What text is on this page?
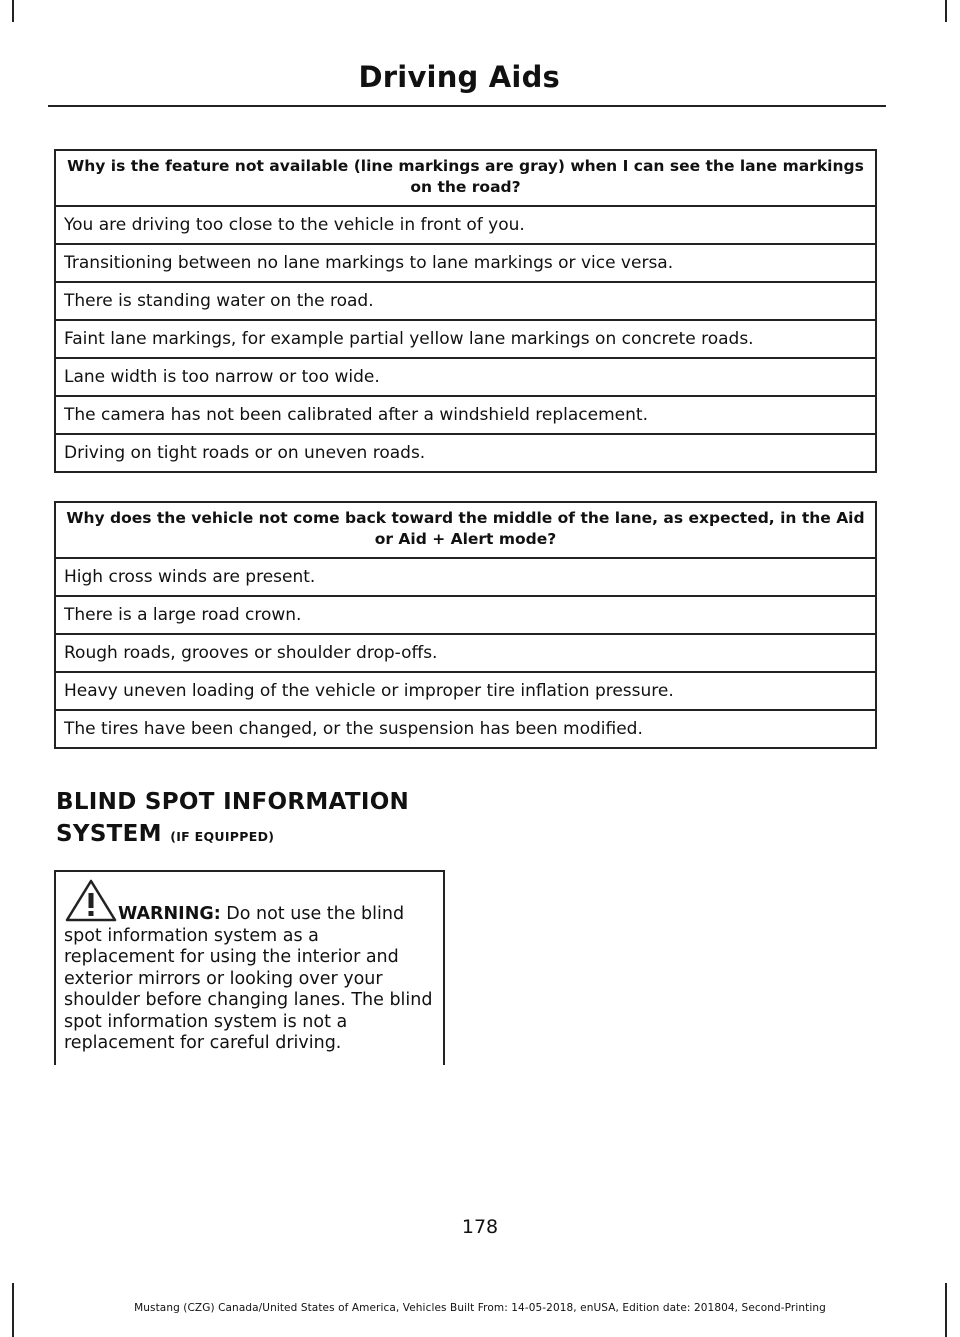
Driving Aids
Why is the feature not available (line markings are gray) when I can see the lane markings on the road?
You are driving too close to the vehicle in front of you.
Transitioning between no lane markings to lane markings or vice versa.
There is standing water on the road.
Faint lane markings, for example partial yellow lane markings on concrete roads.
Lane width is too narrow or too wide.
The camera has not been calibrated after a windshield replacement.
Driving on tight roads or on uneven roads.
Why does the vehicle not come back toward the middle of the lane, as expected, in the Aid or Aid + Alert mode?
High cross winds are present.
There is a large road crown.
Rough roads, grooves or shoulder drop-offs.
Heavy uneven loading of the vehicle or improper tire inflation pressure.
The tires have been changed, or the suspension has been modified.
BLIND SPOT INFORMATION
SYSTEM (IF EQUIPPED)

WARNING: Do not use the blind spot information system as a replacement for using the interior and exterior mirrors or looking over your shoulder before changing lanes. The blind spot information system is not a replacement for careful driving.

178
Mustang (CZG) Canada/United States of America, Vehicles Built From: 14-05-2018, enUSA, Edition date: 201804, Second-Printing
